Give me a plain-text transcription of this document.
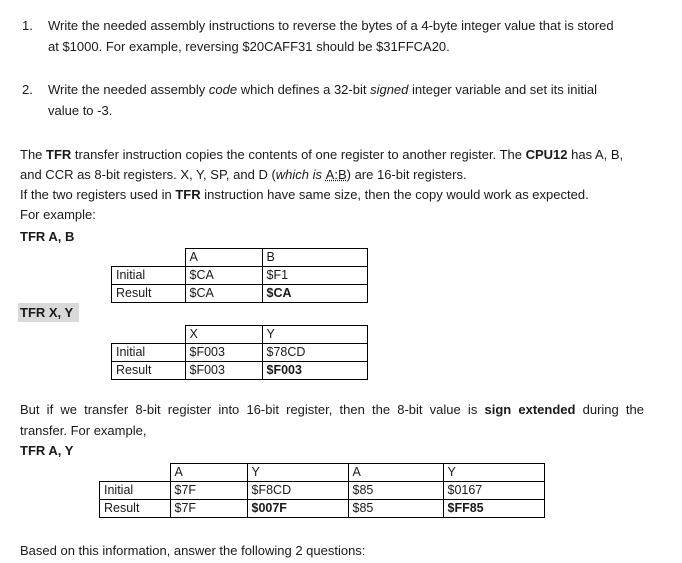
1. Write the needed assembly instructions to reverse the bytes of a 4-byte integer value that is stored
at $1000. For example, reversing $20CAFF31 should be $31FFCA20.
2. Write the needed assembly code which defines a 32-bit signed integer variable and set its initial
value to -3.
The TFR transfer instruction copies the contents of one register to another register. The CPU12 has A, B,
and CCR as 8-bit registers. X, Y, SP, and D (which is A:B) are 16-bit registers.
If the two registers used in TFR instruction have same size, then the copy would work as expected.
For example:
TFR A, B
	A	B
Initial	$CA	$F1
Result	$CA	$CA
TFR X, Y
	X	Y
Initial	$F003	$78CD
Result	$F003	$F003
But if we transfer 8-bit register into 16-bit register, then the 8-bit value is sign extended during the
transfer. For example,
TFR A, Y
	A	Y	A	Y
Initial	$7F	$F8CD	$85	$0167
Result	$7F	$007F	$85	$FF85
Based on this information, answer the following 2 questions:
